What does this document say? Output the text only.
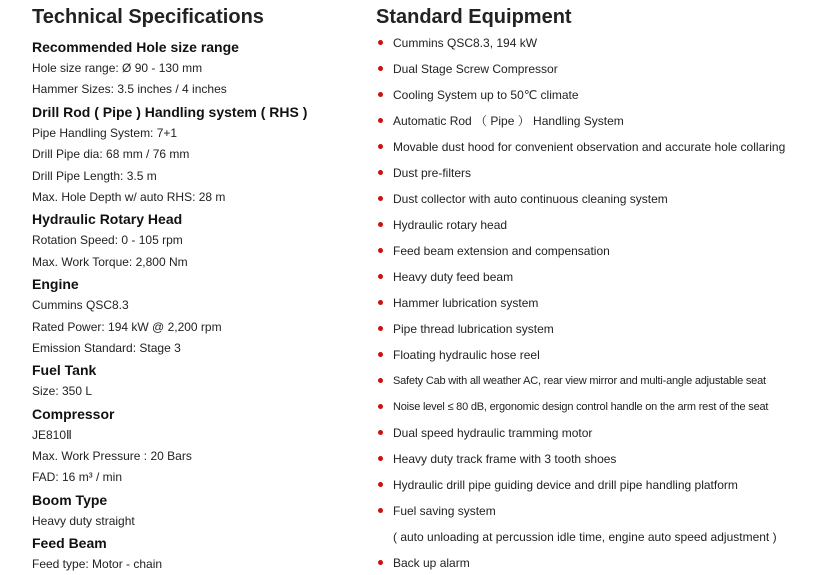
Technical Specifications
Recommended Hole size range
Hole size range: Ø 90 - 130 mm
Hammer Sizes: 3.5 inches / 4 inches
Drill Rod ( Pipe ) Handling system ( RHS )
Pipe Handling System: 7+1
Drill Pipe dia: 68 mm / 76 mm
Drill Pipe Length: 3.5 m
Max. Hole Depth w/ auto RHS: 28 m
Hydraulic Rotary Head
Rotation Speed: 0 - 105 rpm
Max. Work Torque: 2,800 Nm
Engine
Cummins QSC8.3
Rated Power: 194 kW @ 2,200 rpm
Emission Standard: Stage 3
Fuel Tank
Size: 350 L
Compressor
JE810Ⅱ
Max. Work Pressure : 20 Bars
FAD: 16 m³ / min
Boom Type
Heavy duty straight
Feed Beam
Feed type: Motor - chain
Standard Equipment
Cummins QSC8.3, 194 kW
Dual Stage Screw Compressor
Cooling System up to 50℃ climate
Automatic Rod （ Pipe ） Handling System
Movable dust hood for convenient observation and accurate hole collaring
Dust pre-filters
Dust collector with auto continuous cleaning system
Hydraulic rotary head
Feed beam extension and compensation
Heavy duty feed beam
Hammer lubrication system
Pipe thread lubrication system
Floating hydraulic hose reel
Safety Cab with all weather AC, rear view mirror and multi-angle adjustable seat
Noise level ≤ 80 dB, ergonomic design control handle on the arm rest of the seat
Dual speed hydraulic tramming motor
Heavy duty track frame with 3 tooth shoes
Hydraulic drill pipe guiding device and drill pipe handling platform
Fuel saving system
( auto unloading at percussion idle time, engine auto speed adjustment )
Back up alarm
